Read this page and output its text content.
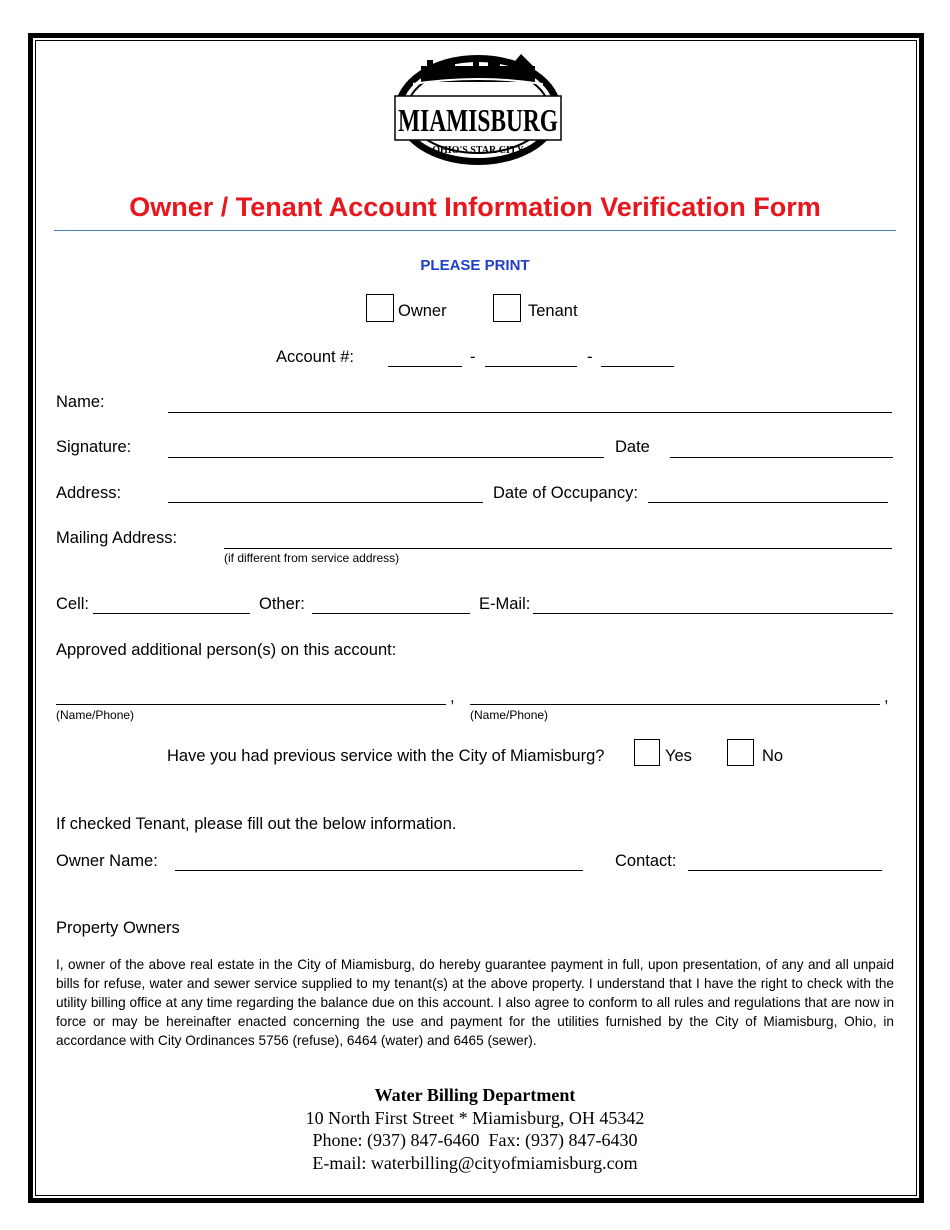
CITY OF
MIAMISBURG
OHIO'S STAR CITY
Owner / Tenant Account Information Verification Form
PLEASE PRINT
Owner	Tenant
Account #:	-	-
Name:
Signature:	Date
Address:	Date of Occupancy:
Mailing Address:
(if different from service address)
Cell:	Other:	E-Mail:
Approved additional person(s) on this account:
,	,
(Name/Phone)	(Name/Phone)
Have you had previous service with the City of Miamisburg?	Yes	No
If checked Tenant, please fill out the below information.
Owner Name:	Contact:
Property Owners
I, owner of the above real estate in the City of Miamisburg, do hereby guarantee payment in full, upon presentation, of any and all unpaid bills for refuse, water and sewer service supplied to my tenant(s) at the above property. I understand that I have the right to check with the utility billing office at any time regarding the balance due on this account. I also agree to conform to all rules and regulations that are now in force or may be hereinafter enacted concerning the use and payment for the utilities furnished by the City of Miamisburg, Ohio, in accordance with City Ordinances 5756 (refuse), 6464 (water) and 6465 (sewer).
Water Billing Department
10 North First Street * Miamisburg, OH 45342
Phone: (937) 847-6460  Fax: (937) 847-6430
E-mail: waterbilling@cityofmiamisburg.com
